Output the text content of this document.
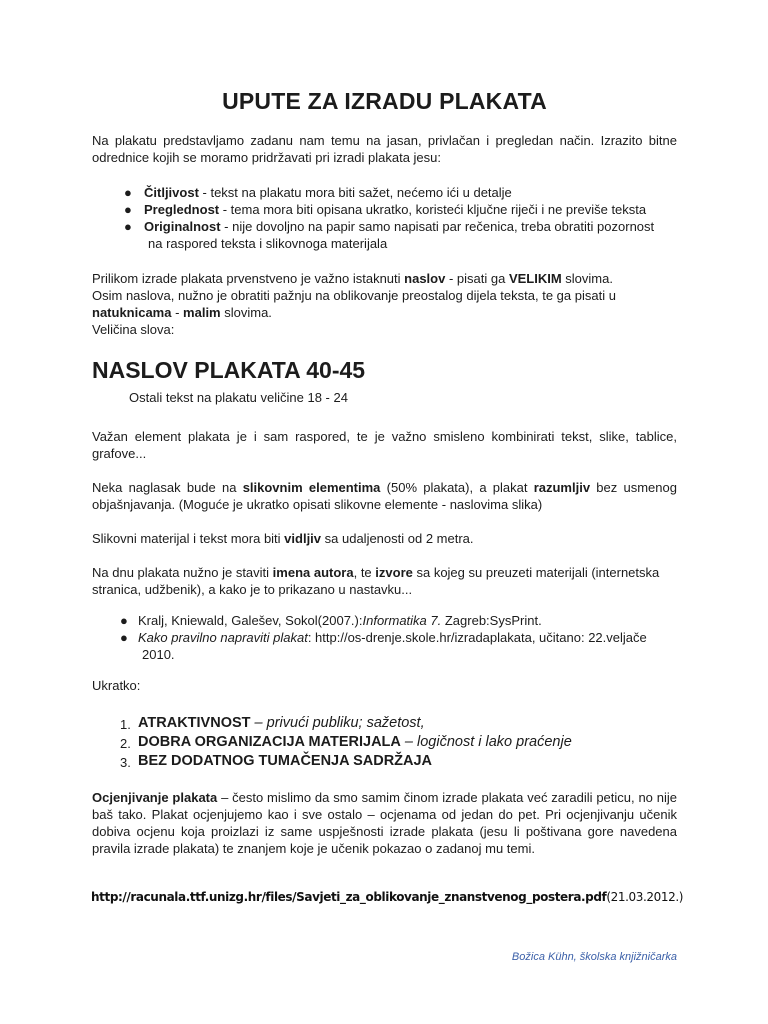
UPUTE ZA IZRADU PLAKATA

Na plakatu predstavljamo zadanu nam temu na jasan, privlačan i pregledan način. Izrazito bitne odrednice kojih se moramo pridržavati pri izradi plakata jesu:

● Čitljivost - tekst na plakatu mora biti sažet, nećemo ići u detalje
● Preglednost - tema mora biti opisana ukratko, koristeći ključne riječi i ne previše teksta
● Originalnost - nije dovoljno na papir samo napisati par rečenica, treba obratiti pozornost
na raspored teksta i slikovnoga materijala

Prilikom izrade plakata prvenstveno je važno istaknuti naslov - pisati ga VELIKIM slovima.
Osim naslova, nužno je obratiti pažnju na oblikovanje preostalog dijela teksta, te ga pisati u
natuknicama - malim slovima.
Veličina slova:

NASLOV PLAKATA 40-45

Ostali tekst na plakatu veličine 18 - 24

Važan element plakata je i sam raspored, te je važno smisleno kombinirati tekst, slike, tablice, grafove...

Neka naglasak bude na slikovnim elementima (50% plakata), a plakat razumljiv bez usmenog objašnjavanja. (Moguće je ukratko opisati slikovne elemente - naslovima slika)

Slikovni materijal i tekst mora biti vidljiv sa udaljenosti od 2 metra.

Na dnu plakata nužno je staviti imena autora, te izvore sa kojeg su preuzeti materijali (internetska stranica, udžbenik), a kako je to prikazano u nastavku...

● Kralj, Kniewald, Galešev, Sokol(2007.):Informatika 7. Zagreb:SysPrint.
● Kako pravilno napraviti plakat: http://os-drenje.skole.hr/izradaplakata, učitano: 22.veljače
2010.

Ukratko:

1. ATRAKTIVNOST – privući publiku; sažetost,
2. DOBRA ORGANIZACIJA MATERIJALA – logičnost i lako praćenje
3. BEZ DODATNOG TUMAČENJA SADRŽAJA

Ocjenjivanje plakata – često mislimo da smo samim činom izrade plakata već zaradili peticu, no nije baš tako. Plakat ocjenjujemo kao i sve ostalo – ocjenama od jedan do pet. Pri ocjenjivanju učenik dobiva ocjenu koja proizlazi iz same uspješnosti izrade plakata (jesu li poštivana gore navedena pravila izrade plakata) te znanjem koje je učenik pokazao o zadanoj mu temi.

http://racunala.ttf.unizg.hr/files/Savjeti_za_oblikovanje_znanstvenog_postera.pdf(21.03.2012.)
Božica Kühn, školska knjižničarka
